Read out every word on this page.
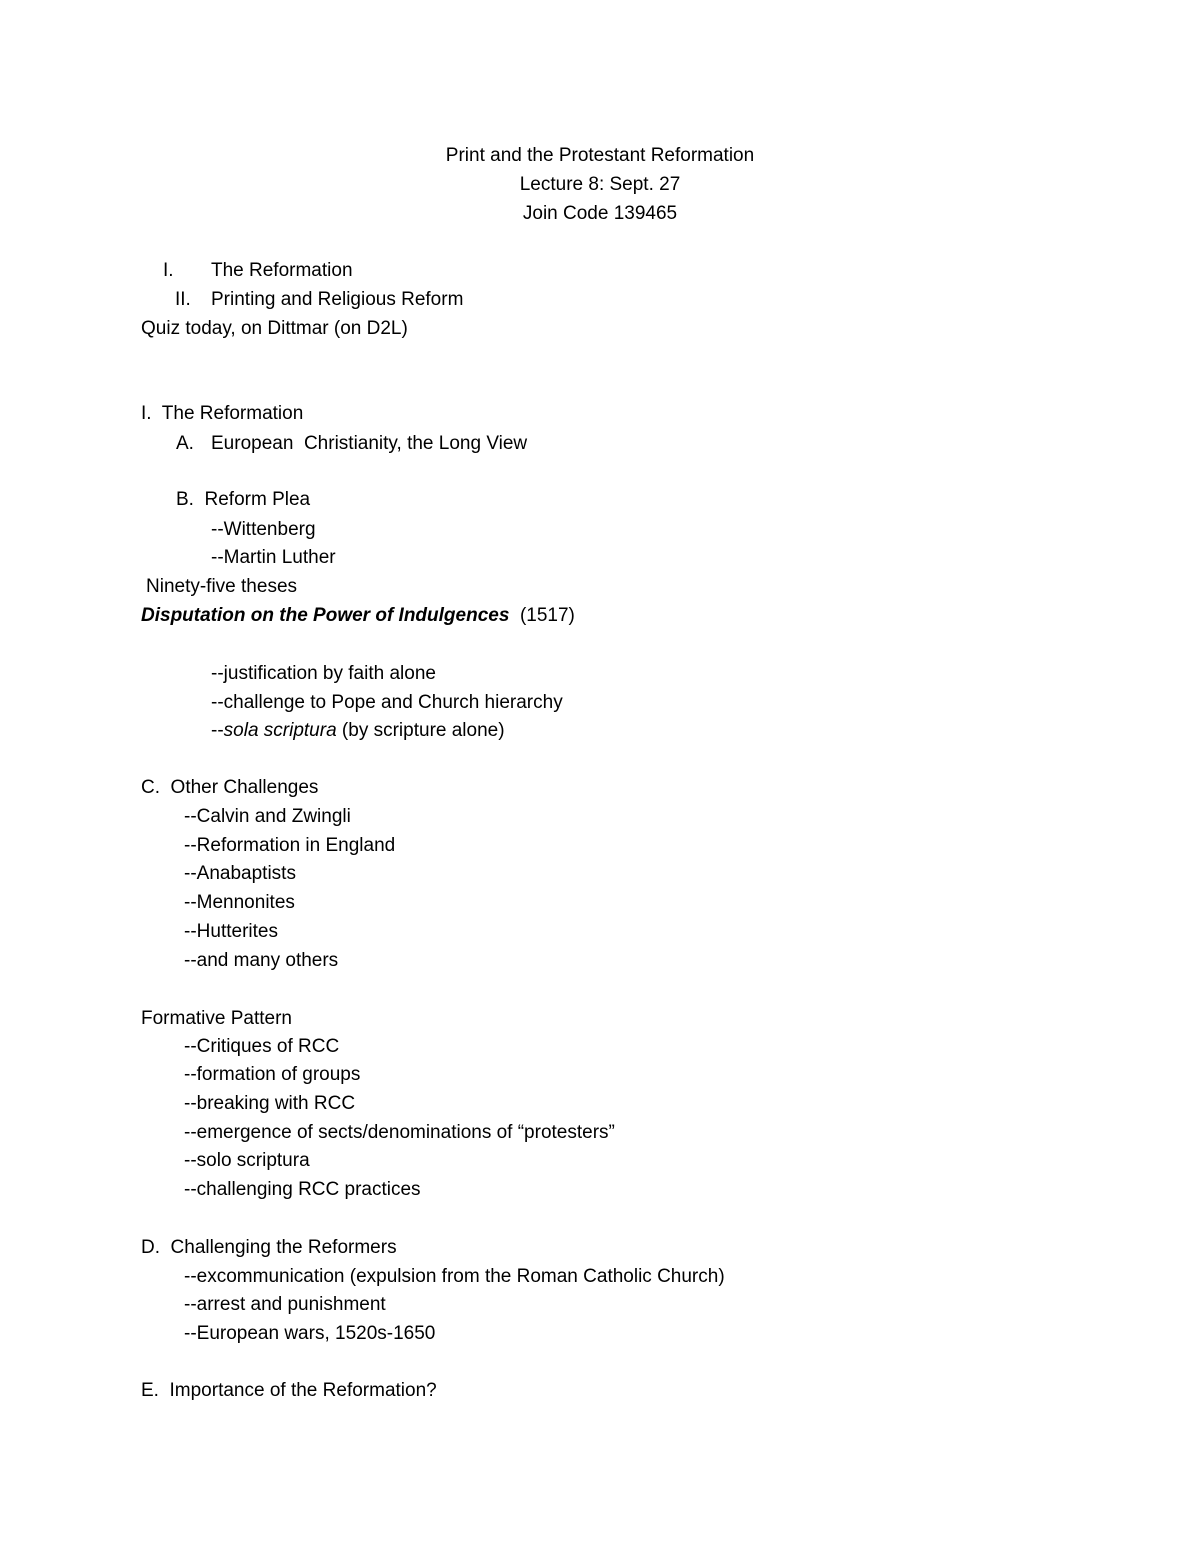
Print and the Protestant Reformation
Lecture 8: Sept. 27
Join Code 139465
I. The Reformation
II. Printing and Religious Reform
Quiz today, on Dittmar (on D2L)
I.  The Reformation
A. European  Christianity, the Long View
B.  Reform Plea
--Wittenberg
--Martin Luther
Ninety-five theses
Disputation on the Power of Indulgences  (1517)
--justification by faith alone
--challenge to Pope and Church hierarchy
--sola scriptura (by scripture alone)
C.  Other Challenges
--Calvin and Zwingli
--Reformation in England
--Anabaptists
--Mennonites
--Hutterites
--and many others
Formative Pattern
--Critiques of RCC
--formation of groups
--breaking with RCC
--emergence of sects/denominations of “protesters”
--solo scriptura
--challenging RCC practices
D.  Challenging the Reformers
--excommunication (expulsion from the Roman Catholic Church)
--arrest and punishment
--European wars, 1520s-1650
E.  Importance of the Reformation?
